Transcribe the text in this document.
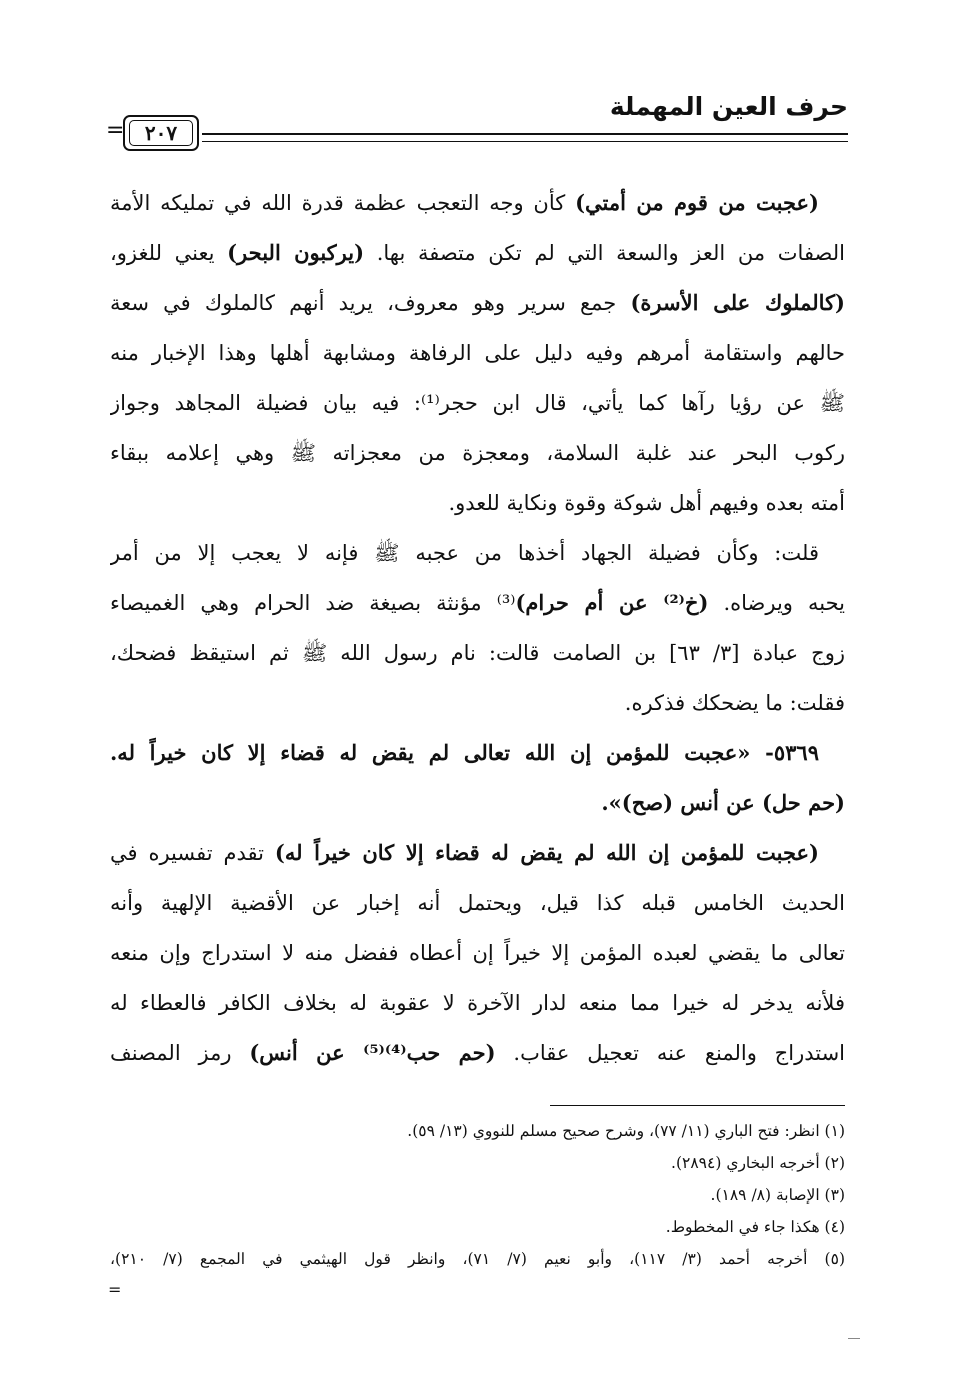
حرف العين المهملة
٢٠٧
=
(عجبت من قوم من أمتي) كأن وجه التعجب عظمة قدرة الله في تمليكه الأمة
الصفات من العز والسعة التي لم تكن متصفة بها. (يركبون البحر) يعني للغزو،
(كالملوك على الأسرة) جمع سرير وهو معروف، يريد أنهم كالملوك في سعة
حالهم واستقامة أمرهم وفيه دليل على الرفاهة ومشابهة أهلها وهذا الإخبار منه
ﷺ عن رؤيا رآها كما يأتي، قال ابن حجر⁽¹⁾: فيه بيان فضيلة المجاهد وجواز
ركوب البحر عند غلبة السلامة، ومعجزة من معجزاته ﷺ وهي إعلامه ببقاء
أمته بعده وفيهم أهل شوكة وقوة ونكاية للعدو.
قلت: وكأن فضيلة الجهاد أخذها من عجبه ﷺ فإنه لا يعجب إلا من أمر
يحبه ويرضاه. (خ⁽²⁾ عن أم حرام)⁽³⁾ مؤنثة بصيغة ضد الحرام وهي الغميصاء
زوج عبادة [٣/ ٦٣] بن الصامت قالت: نام رسول الله ﷺ ثم استيقظ فضحك،
فقلت: ما يضحكك فذكره.
٥٣٦٩- «عجبت للمؤمن إن الله تعالى لم يقض له قضاء إلا كان خيراً له.
(حم حل) عن أنس (صح)».
(عجبت للمؤمن إن الله لم يقض له قضاء إلا كان خيراً له) تقدم تفسيره في
الحديث الخامس قبله كذا قيل، ويحتمل أنه إخبار عن الأقضية الإلهية وأنه
تعالى ما يقضي لعبده المؤمن إلا خيراً إن أعطاه ففضل منه لا استدراج وإن منعه
فلأنه يدخر له خيرا مما منعه لدار الآخرة لا عقوبة له بخلاف الكافر فالعطاء له
استدراج والمنع عنه تعجيل عقاب. (حم حب⁽⁴⁾⁽⁵⁾ عن أنس) رمز المصنف
(١) انظر: فتح الباري (١١/ ٧٧)، وشرح صحيح مسلم للنووي (١٣/ ٥٩).
(٢) أخرجه البخاري (٢٨٩٤).
(٣) الإصابة (٨/ ١٨٩).
(٤) هكذا جاء في المخطوط.
(٥) أخرجه أحمد (٣/ ١١٧)، وأبو نعيم (٧/ ٧١)، وانظر قول الهيثمي في المجمع (٧/ ٢١٠)،
=
